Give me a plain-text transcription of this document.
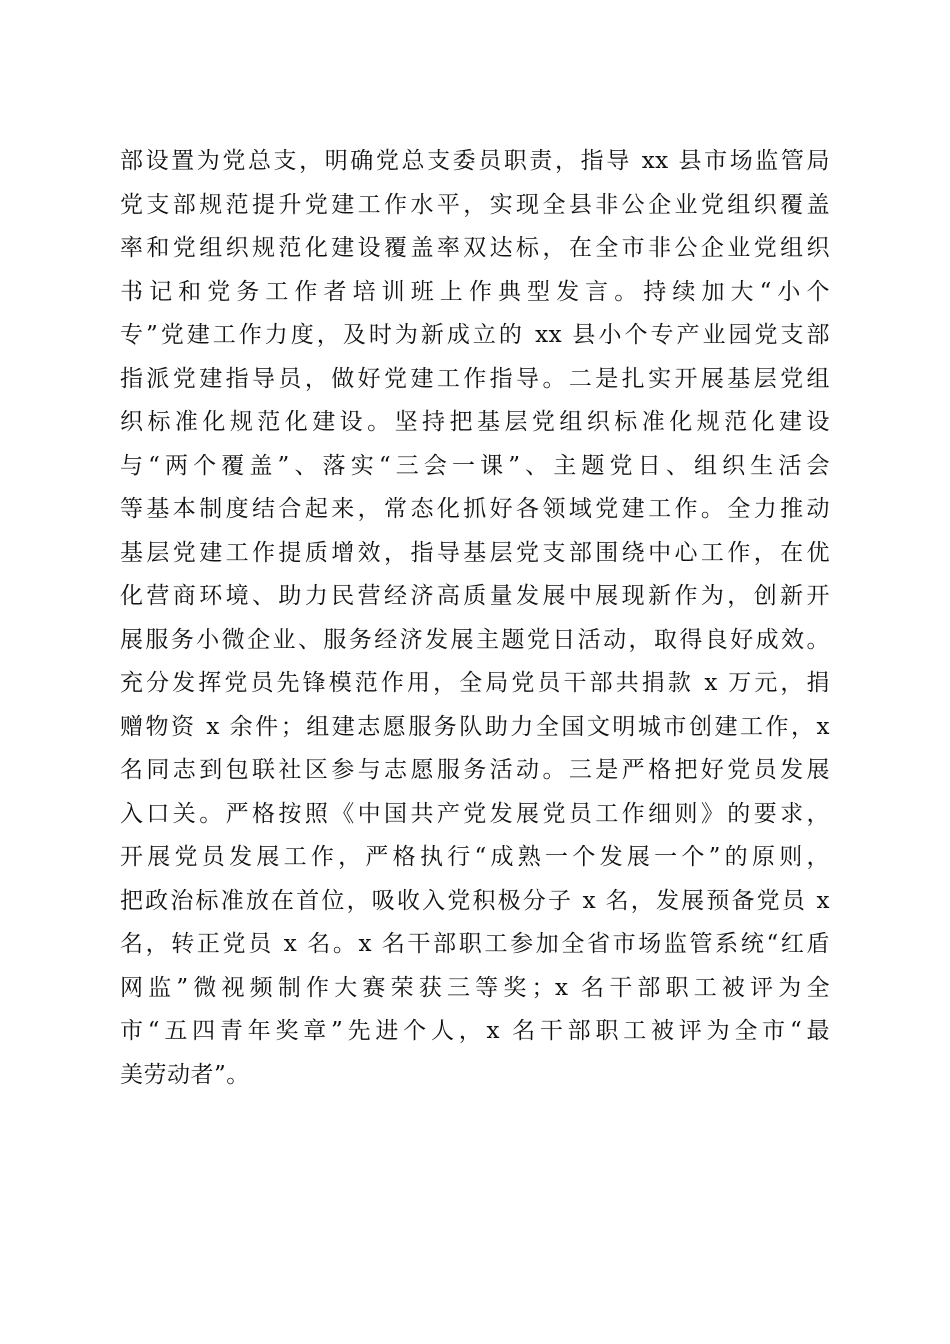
部设置为党总支，明确党总支委员职责，指导 xx 县市场监管局
党支部规范提升党建工作水平，实现全县非公企业党组织覆盖
率和党组织规范化建设覆盖率双达标，在全市非公企业党组织
书记和党务工作者培训班上作典型发言。持续加大“小个
专”党建工作力度，及时为新成立的 xx 县小个专产业园党支部
指派党建指导员，做好党建工作指导。二是扎实开展基层党组
织标准化规范化建设。坚持把基层党组织标准化规范化建设
与“两个覆盖”、落实“三会一课”、主题党日、组织生活会
等基本制度结合起来，常态化抓好各领域党建工作。全力推动
基层党建工作提质增效，指导基层党支部围绕中心工作，在优
化营商环境、助力民营经济高质量发展中展现新作为，创新开
展服务小微企业、服务经济发展主题党日活动，取得良好成效。
充分发挥党员先锋模范作用，全局党员干部共捐款 x 万元，捐
赠物资 x 余件；组建志愿服务队助力全国文明城市创建工作，x
名同志到包联社区参与志愿服务活动。三是严格把好党员发展
入口关。严格按照《中国共产党发展党员工作细则》的要求，
开展党员发展工作，严格执行“成熟一个发展一个”的原则，
把政治标准放在首位，吸收入党积极分子 x 名，发展预备党员 x
名，转正党员 x 名。x 名干部职工参加全省市场监管系统“红盾
网监”微视频制作大赛荣获三等奖；x 名干部职工被评为全
市“五四青年奖章”先进个人，x 名干部职工被评为全市“最
美劳动者”。
